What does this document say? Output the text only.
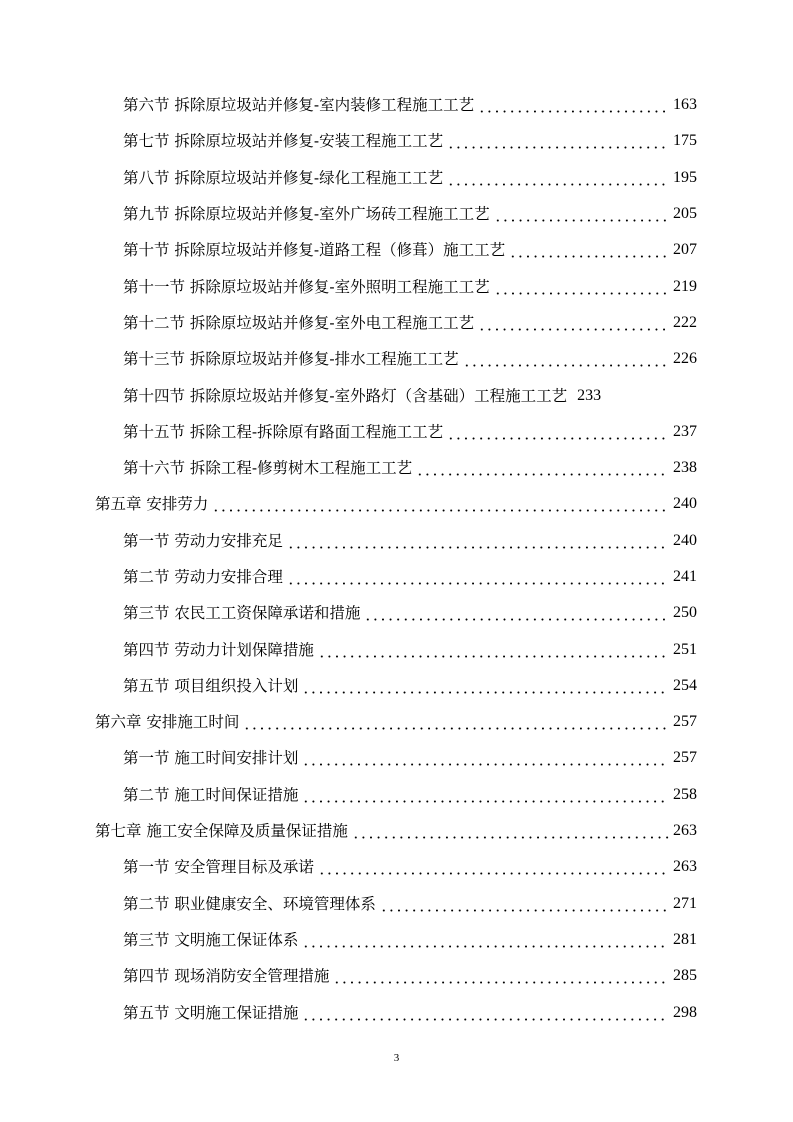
第六节 拆除原垃圾站并修复-室内装修工程施工工艺	163
第七节 拆除原垃圾站并修复-安装工程施工工艺	175
第八节 拆除原垃圾站并修复-绿化工程施工工艺	195
第九节 拆除原垃圾站并修复-室外广场砖工程施工工艺	205
第十节 拆除原垃圾站并修复-道路工程（修葺）施工工艺	207
第十一节 拆除原垃圾站并修复-室外照明工程施工工艺	219
第十二节 拆除原垃圾站并修复-室外电工程施工工艺	222
第十三节 拆除原垃圾站并修复-排水工程施工工艺	226
第十四节 拆除原垃圾站并修复-室外路灯（含基础）工程施工工艺 233
第十五节 拆除工程-拆除原有路面工程施工工艺	237
第十六节 拆除工程-修剪树木工程施工工艺	238
第五章 安排劳力	240
第一节 劳动力安排充足	240
第二节 劳动力安排合理	241
第三节 农民工工资保障承诺和措施	250
第四节 劳动力计划保障措施	251
第五节 项目组织投入计划	254
第六章 安排施工时间	257
第一节 施工时间安排计划	257
第二节 施工时间保证措施	258
第七章 施工安全保障及质量保证措施	263
第一节 安全管理目标及承诺	263
第二节 职业健康安全、环境管理体系	271
第三节 文明施工保证体系	281
第四节 现场消防安全管理措施	285
第五节 文明施工保证措施	298
3
